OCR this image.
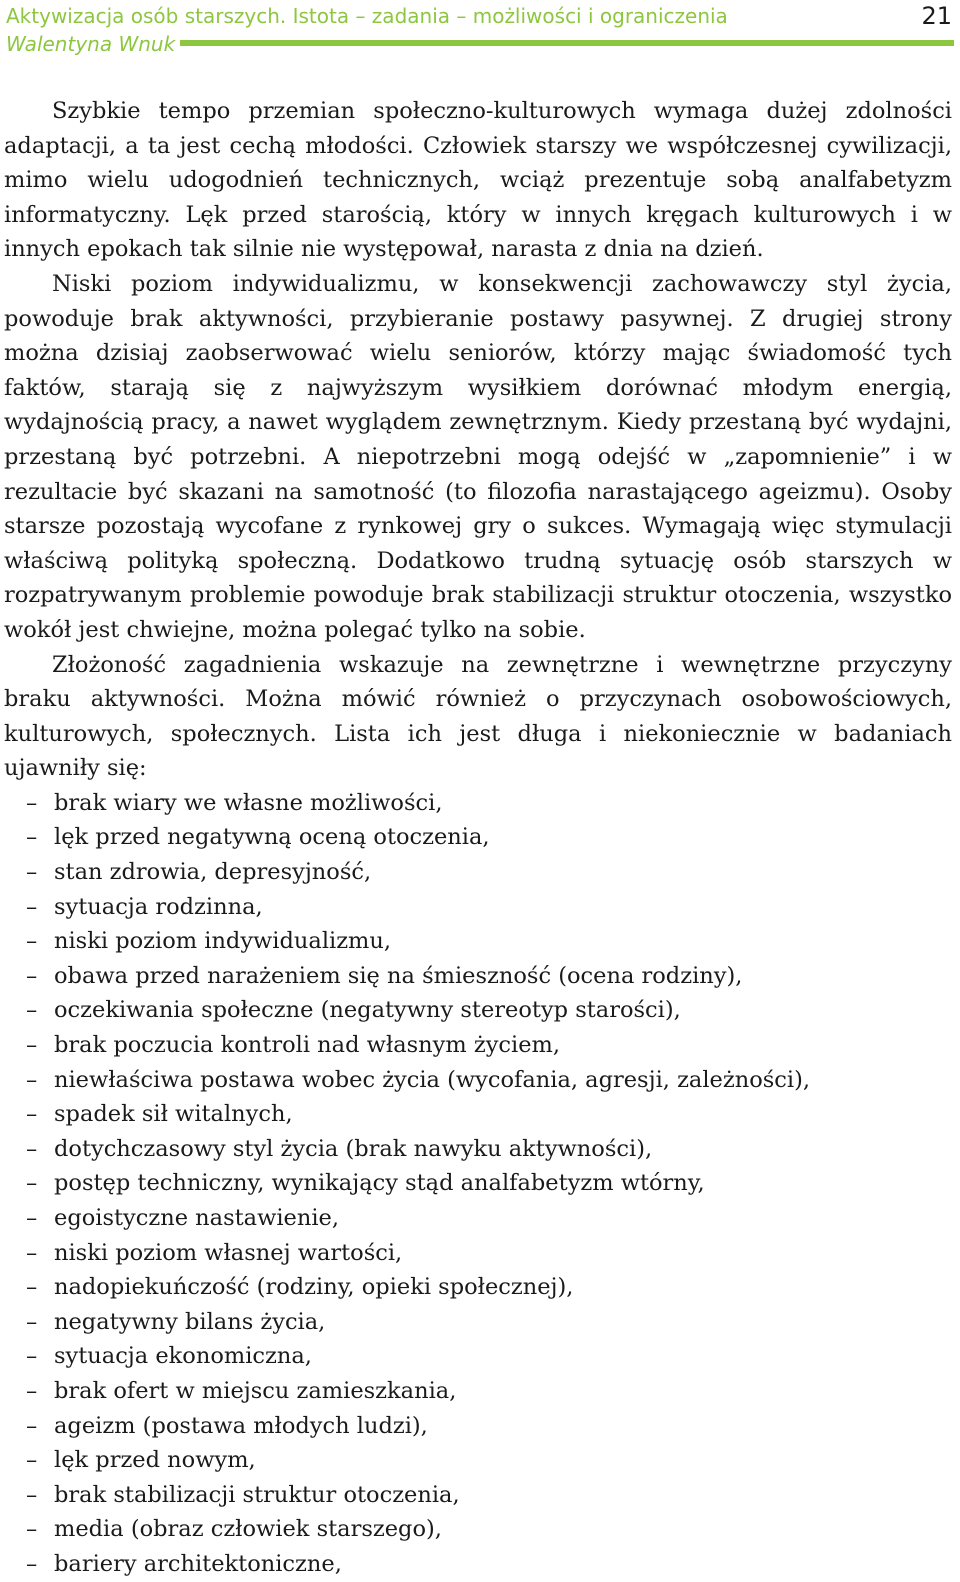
Aktywizacja osób starszych. Istota – zadania – możliwości i ograniczenia
Walentyna Wnuk
21

Szybkie tempo przemian społeczno-kulturowych wymaga dużej zdolności adaptacji, a ta jest cechą młodości. Człowiek starszy we współczesnej cywilizacji, mimo wielu udogodnień technicznych, wciąż prezentuje sobą analfabetyzm informatyczny. Lęk przed starością, który w innych kręgach kulturowych i w innych epokach tak silnie nie występował, narasta z dnia na dzień.

Niski poziom indywidualizmu, w konsekwencji zachowawczy styl życia, powoduje brak aktywności, przybieranie postawy pasywnej. Z drugiej strony można dzisiaj zaobserwować wielu seniorów, którzy mając świadomość tych faktów, starają się z najwyższym wysiłkiem dorównać młodym energią, wydajnością pracy, a nawet wyglądem zewnętrznym. Kiedy przestaną być wydajni, przestaną być potrzebni. A niepotrzebni mogą odejść w „zapomnienie” i w rezultacie być skazani na samotność (to filozofia narastającego ageizmu). Osoby starsze pozostają wycofane z rynkowej gry o sukces. Wymagają więc stymulacji właściwą polityką społeczną. Dodatkowo trudną sytuację osób starszych w rozpatrywanym problemie powoduje brak stabilizacji struktur otoczenia, wszystko wokół jest chwiejne, można polegać tylko na sobie.

Złożoność zagadnienia wskazuje na zewnętrzne i wewnętrzne przyczyny braku aktywności. Można mówić również o przyczynach osobowościowych, kulturowych, społecznych. Lista ich jest długa i niekoniecznie w badaniach ujawniły się:

– brak wiary we własne możliwości,
– lęk przed negatywną oceną otoczenia,
– stan zdrowia, depresyjność,
– sytuacja rodzinna,
– niski poziom indywidualizmu,
– obawa przed narażeniem się na śmieszność (ocena rodziny),
– oczekiwania społeczne (negatywny stereotyp starości),
– brak poczucia kontroli nad własnym życiem,
– niewłaściwa postawa wobec życia (wycofania, agresji, zależności),
– spadek sił witalnych,
– dotychczasowy styl życia (brak nawyku aktywności),
– postęp techniczny, wynikający stąd analfabetyzm wtórny,
– egoistyczne nastawienie,
– niski poziom własnej wartości,
– nadopiekuńczość (rodziny, opieki społecznej),
– negatywny bilans życia,
– sytuacja ekonomiczna,
– brak ofert w miejscu zamieszkania,
– ageizm (postawa młodych ludzi),
– lęk przed nowym,
– brak stabilizacji struktur otoczenia,
– media (obraz człowiek starszego),
– bariery architektoniczne,
